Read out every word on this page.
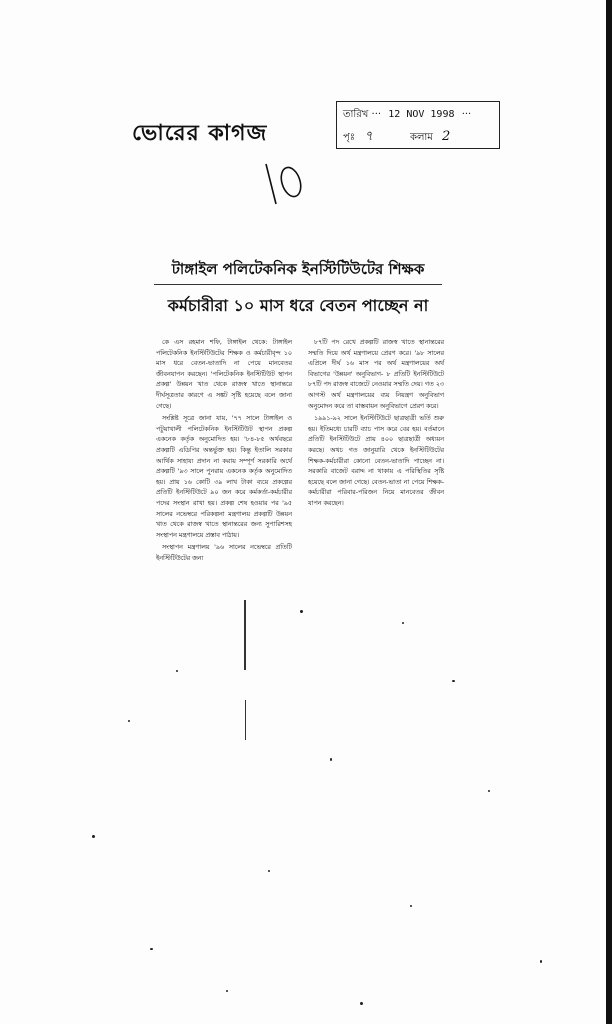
ভোরের কাগজ
তারিখ ··· 12 NOV 1998 ···
পৃঃ ৭	কলাম 2
10
টাঙ্গাইল পলিটেকনিক ইনস্টিটিউটের শিক্ষক
কর্মচারীরা ১০ মাস ধরে বেতন পাচ্ছেন না

কে এস রহমান শফি, টাঙ্গাইল থেকে: টাঙ্গাইল পলিটেকনিক ইনস্টিটিউটের শিক্ষক ও কর্মচারীবৃন্দ ১০ মাস ধরে বেতন-ভাতাদি না পেয়ে মানবেতর জীবনযাপন করছেন। 'পলিটেকনিক ইনস্টিটিউট স্থাপন প্রকল্প' উন্নয়ন খাত থেকে রাজস্ব খাতে স্থানান্তরে দীর্ঘসূত্রতার কারণে এ সঙ্কট সৃষ্টি হয়েছে বলে জানা গেছে।

সংশ্লিষ্ট সূত্রে জানা যায়, '৭৭ সালে টাঙ্গাইল ও পটুয়াখালী পলিটেকনিক ইনস্টিটিউট স্থাপন প্রকল্প একনেক কর্তৃক অনুমোদিত হয়। '৮৪-৮৫ অর্থবছরে প্রকল্পটি এডিপির অন্তর্ভুক্ত হয়। কিন্তু ইতালি সরকার আর্থিক সাহায্য প্রদান না করায় সম্পূর্ণ সরকারি অর্থে প্রকল্পটি '৯৩ সালে পুনরায় একনেক কর্তৃক অনুমোদিত হয়। প্রায় ১৬ কোটি ৩৯ লাখ টাকা ব্যয়ে প্রকল্পের প্রতিটি ইনস্টিটিউটে ৯০ জন করে কর্মকর্তা-কর্মচারীর পদের সংস্থান রাখা হয়। প্রকল্প শেষ হওয়ার পর '৯৫ সালের নভেম্বরে পরিকল্পনা মন্ত্রণালয় প্রকল্পটি উন্নয়ন খাত থেকে রাজস্ব খাতে স্থানান্তরের জন্য সুপারিশসহ সংস্থাপন মন্ত্রণালয়ে প্রস্তাব পাঠায়।

সংস্থাপন মন্ত্রণালয় '৯৬ সালের নভেম্বরে প্রতিটি ইনস্টিটিউটের জন্য

৮৭টি পদ রেখে প্রকল্পটি রাজস্ব খাতে স্থানান্তরের সম্মতি দিয়ে অর্থ মন্ত্রণালয়ে প্রেরণ করে। '৯৮ সালের এপ্রিলে দীর্ঘ ১৬ মাস পর অর্থ মন্ত্রণালয়ের অর্থ বিভাগের 'উন্নয়ন' অনুবিভাগ- ৮ প্রতিটি ইনস্টিটিউটে ৮৭টি পদ রাজস্ব বাজেটে নেওয়ার সম্মতি দেয়। গত ২৩ আগস্ট অর্থ মন্ত্রণালয়ের ব্যয় নিয়ন্ত্রণ অনুবিভাগ অনুমোদন করে তা বাস্তবায়ন অনুবিভাগে প্রেরণ করে।

১৯৯১-৯২ সালে ইনস্টিটিউটে ছাত্রছাত্রী ভর্তি শুরু হয়। ইতিমধ্যে চারটি ব্যাচ পাস করে বের হয়। বর্তমানে প্রতিটি ইনস্টিটিউটে প্রায় ৪০০ ছাত্রছাত্রী অধ্যয়ন করছে। অথচ গত জানুয়ারি থেকে ইনস্টিটিউটের শিক্ষক-কর্মচারীরা কোনো বেতন-ভাতাদি পাচ্ছেন না। সরকারি বাজেট বরাদ্দ না থাকায় এ পরিস্থিতির সৃষ্টি হয়েছে বলে জানা গেছে। বেতন-ভাতা না পেয়ে শিক্ষক-কর্মচারীরা পরিবার-পরিজন নিয়ে মানবেতর জীবন যাপন করছেন।
